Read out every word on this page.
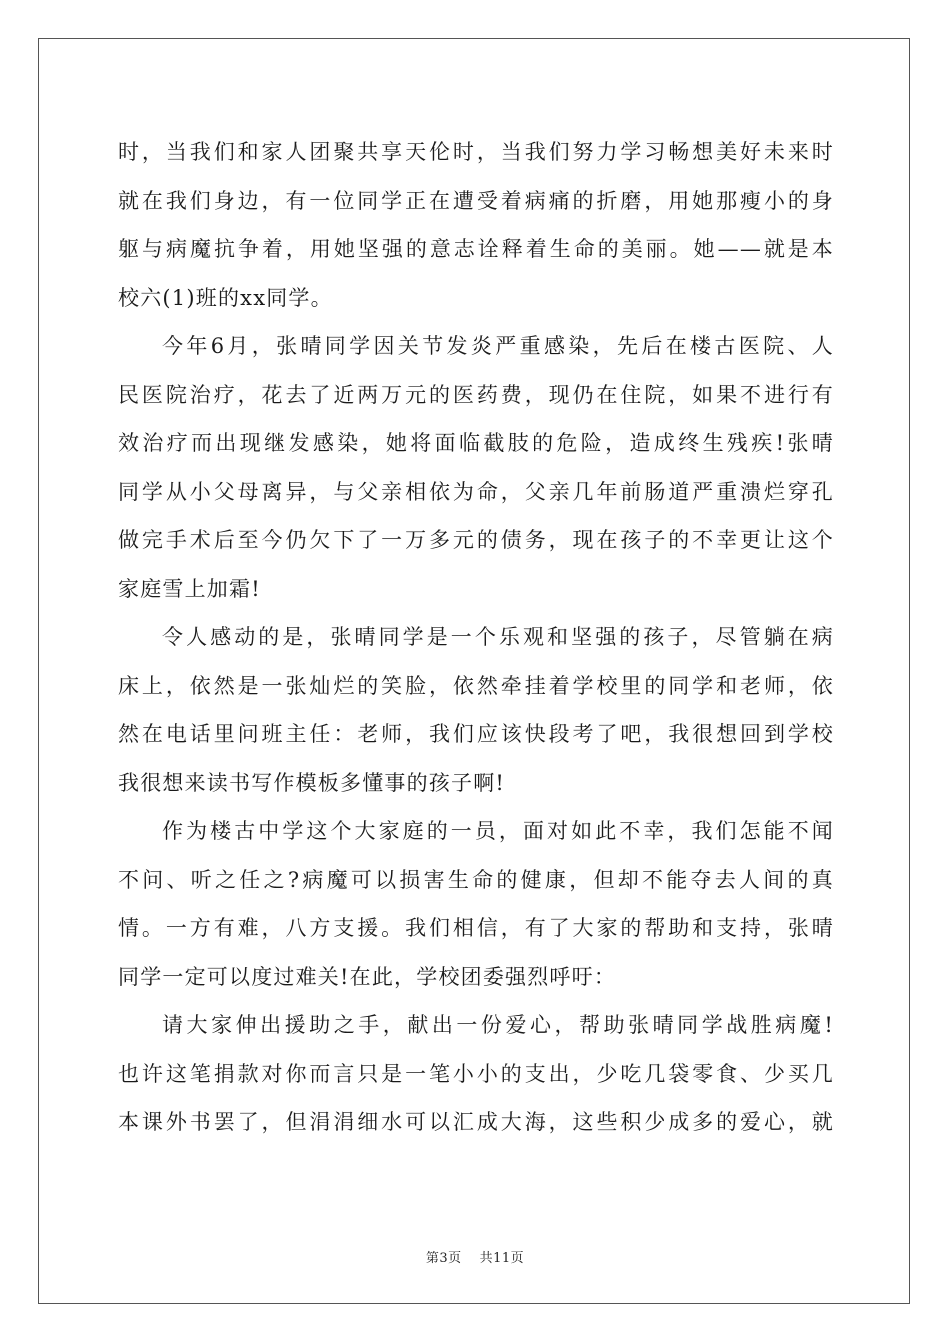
时，当我们和家人团聚共享天伦时，当我们努力学习畅想美好未来时
就在我们身边，有一位同学正在遭受着病痛的折磨，用她那瘦小的身
躯与病魔抗争着，用她坚强的意志诠释着生命的美丽。她——就是本
校六(1)班的xx同学。
今年6月，张晴同学因关节发炎严重感染，先后在楼古医院、人
民医院治疗，花去了近两万元的医药费，现仍在住院，如果不进行有
效治疗而出现继发感染，她将面临截肢的危险，造成终生残疾!张晴
同学从小父母离异，与父亲相依为命，父亲几年前肠道严重溃烂穿孔
做完手术后至今仍欠下了一万多元的债务，现在孩子的不幸更让这个
家庭雪上加霜!
令人感动的是，张晴同学是一个乐观和坚强的孩子，尽管躺在病
床上，依然是一张灿烂的笑脸，依然牵挂着学校里的同学和老师，依
然在电话里问班主任：老师，我们应该快段考了吧，我很想回到学校
我很想来读书写作模板多懂事的孩子啊!
作为楼古中学这个大家庭的一员，面对如此不幸，我们怎能不闻
不问、听之任之?病魔可以损害生命的健康，但却不能夺去人间的真
情。一方有难，八方支援。我们相信，有了大家的帮助和支持，张晴
同学一定可以度过难关!在此，学校团委强烈呼吁：
请大家伸出援助之手，献出一份爱心，帮助张晴同学战胜病魔!
也许这笔捐款对你而言只是一笔小小的支出，少吃几袋零食、少买几
本课外书罢了，但涓涓细水可以汇成大海，这些积少成多的爱心，就
第3页 共11页
